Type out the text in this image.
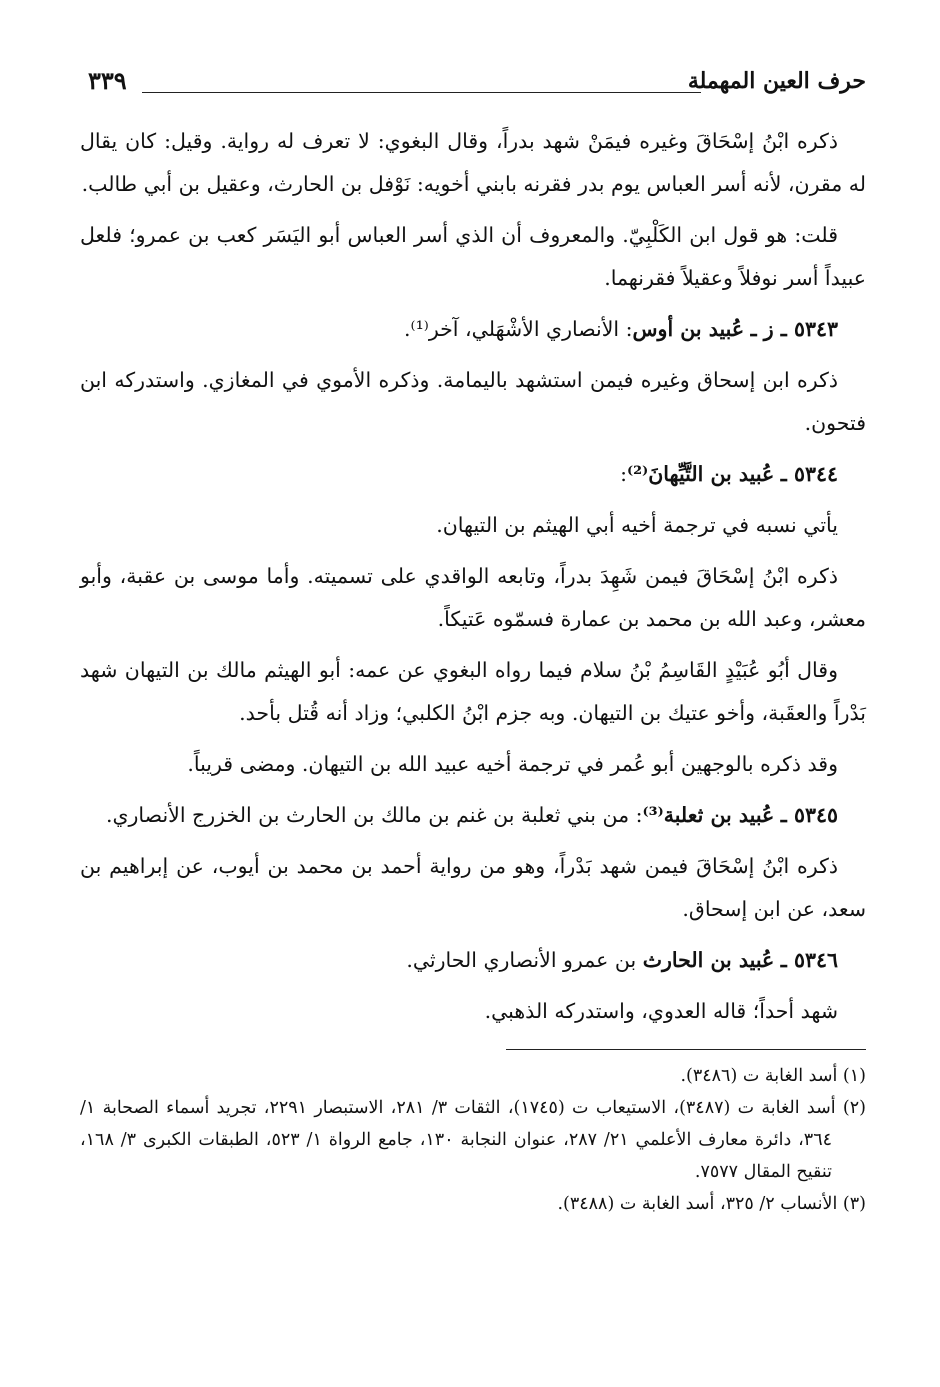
حرف العين المهملة
٣٣٩

ذكره ابْنُ إسْحَاقَ وغيره فيمَنْ شهد بدراً، وقال البغوي: لا تعرف له رواية. وقيل: كان يقال له مقرن، لأنه أسر العباس يوم بدر فقرنه بابني أخويه: نَوْفل بن الحارث، وعقيل بن أبي طالب.

قلت: هو قول ابن الكَلْبِيّ. والمعروف أن الذي أسر العباس أبو اليَسَر كعب بن عمرو؛ فلعل عبيداً أسر نوفلاً وعقيلاً فقرنهما.

٥٣٤٣ ـ ز ـ عُبيد بن أوس: الأنصاري الأشْهَلي، آخر⁽¹⁾.

ذكره ابن إسحاق وغيره فيمن استشهد باليمامة. وذكره الأموي في المغازي. واستدركه ابن فتحون.

٥٣٤٤ ـ عُبيد بن التَّيِّهانَ⁽²⁾:

يأتي نسبه في ترجمة أخيه أبي الهيثم بن التيهان.

ذكره ابْنُ إسْحَاقَ فيمن شَهِدَ بدراً، وتابعه الواقدي على تسميته. وأما موسى بن عقبة، وأبو معشر، وعبد الله بن محمد بن عمارة فسمّوه عَتيكاً.

وقال أبُو عُبَيْدٍ القَاسِمُ بْنُ سلام فيما رواه البغوي عن عمه: أبو الهيثم مالك بن التيهان شهد بَدْراً والعقَبة، وأخو عتيك بن التيهان. وبه جزم ابْنُ الكلبي؛ وزاد أنه قُتل بأحد.

وقد ذكره بالوجهين أبو عُمر في ترجمة أخيه عبيد الله بن التيهان. ومضى قريباً.

٥٣٤٥ ـ عُبيد بن ثعلبة⁽³⁾: من بني ثعلبة بن غنم بن مالك بن الحارث بن الخزرج الأنصاري.

ذكره ابْنُ إسْحَاقَ فيمن شهد بَدْراً، وهو من رواية أحمد بن محمد بن أيوب، عن إبراهيم بن سعد، عن ابن إسحاق.

٥٣٤٦ ـ عُبيد بن الحارث بن عمرو الأنصاري الحارثي.

شهد أحداً؛ قاله العدوي، واستدركه الذهبي.

(١) أسد الغابة ت (٣٤٨٦).

(٢) أسد الغابة ت (٣٤٨٧)، الاستيعاب ت (١٧٤٥)، الثقات ٣/ ٢٨١، الاستبصار ٢٢٩١، تجريد أسماء الصحابة ١/ ٣٦٤، دائرة معارف الأعلمي ٢١/ ٢٨٧، عنوان النجابة ١٣٠، جامع الرواة ١/ ٥٢٣، الطبقات الكبرى ٣/ ١٦٨، تنقيح المقال ٧٥٧٧.

(٣) الأنساب ٢/ ٣٢٥، أسد الغابة ت (٣٤٨٨).
